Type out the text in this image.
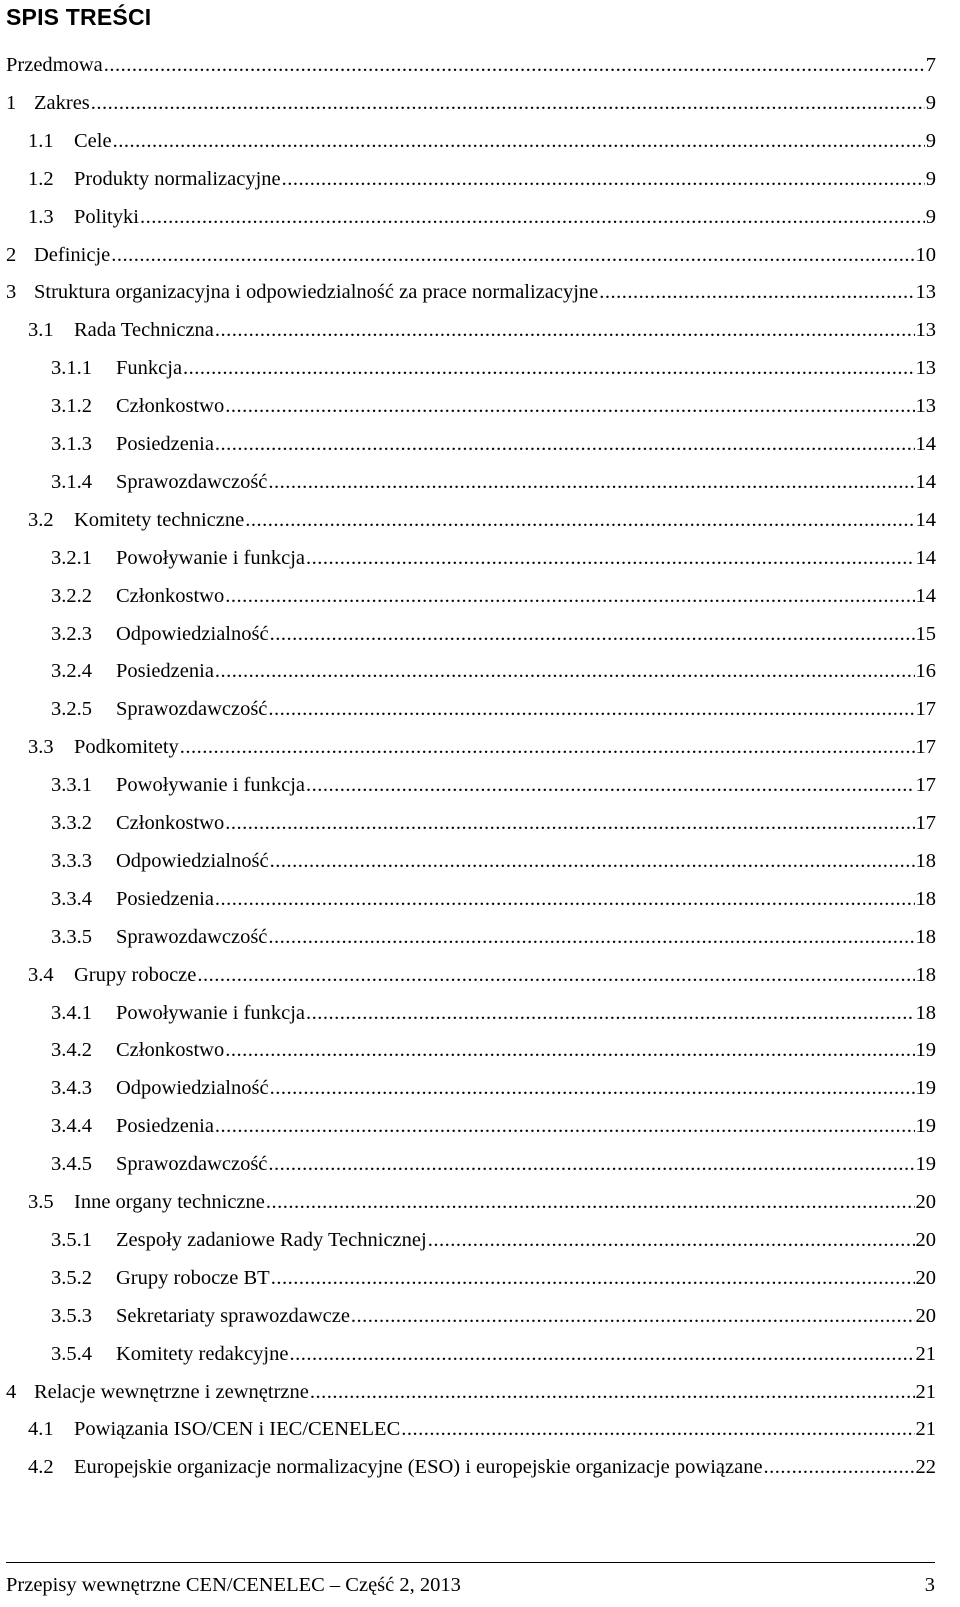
SPIS TREŚCI
Przedmowa .....	7
1 Zakres .....	9
1.1 Cele .....	9
1.2 Produkty normalizacyjne .....	9
1.3 Polityki .....	9
2 Definicje .....	10
3 Struktura organizacyjna i odpowiedzialność za prace normalizacyjne .....	13
3.1 Rada Techniczna .....	13
3.1.1	Funkcja .....	13
3.1.2	Członkostwo .....	13
3.1.3	Posiedzenia .....	14
3.1.4	Sprawozdawczość .....	14
3.2 Komitety techniczne .....	14
3.2.1	Powoływanie i funkcja .....	14
3.2.2	Członkostwo .....	14
3.2.3	Odpowiedzialność .....	15
3.2.4	Posiedzenia .....	16
3.2.5	Sprawozdawczość .....	17
3.3 Podkomitety .....	17
3.3.1	Powoływanie i funkcja .....	17
3.3.2	Członkostwo .....	17
3.3.3	Odpowiedzialność .....	18
3.3.4	Posiedzenia .....	18
3.3.5	Sprawozdawczość .....	18
3.4 Grupy robocze .....	18
3.4.1	Powoływanie i funkcja .....	18
3.4.2	Członkostwo .....	19
3.4.3	Odpowiedzialność .....	19
3.4.4	Posiedzenia .....	19
3.4.5	Sprawozdawczość .....	19
3.5 Inne organy techniczne .....	20
3.5.1	Zespoły zadaniowe Rady Technicznej .....	20
3.5.2	Grupy robocze BT .....	20
3.5.3	Sekretariaty sprawozdawcze .....	20
3.5.4	Komitety redakcyjne .....	21
4 Relacje wewnętrzne i zewnętrzne .....	21
4.1 Powiązania ISO/CEN i IEC/CENELEC .....	21
4.2 Europejskie organizacje normalizacyjne (ESO) i europejskie organizacje powiązane .....	22
Przepisy wewnętrzne CEN/CENELEC – Część 2, 2013	3
